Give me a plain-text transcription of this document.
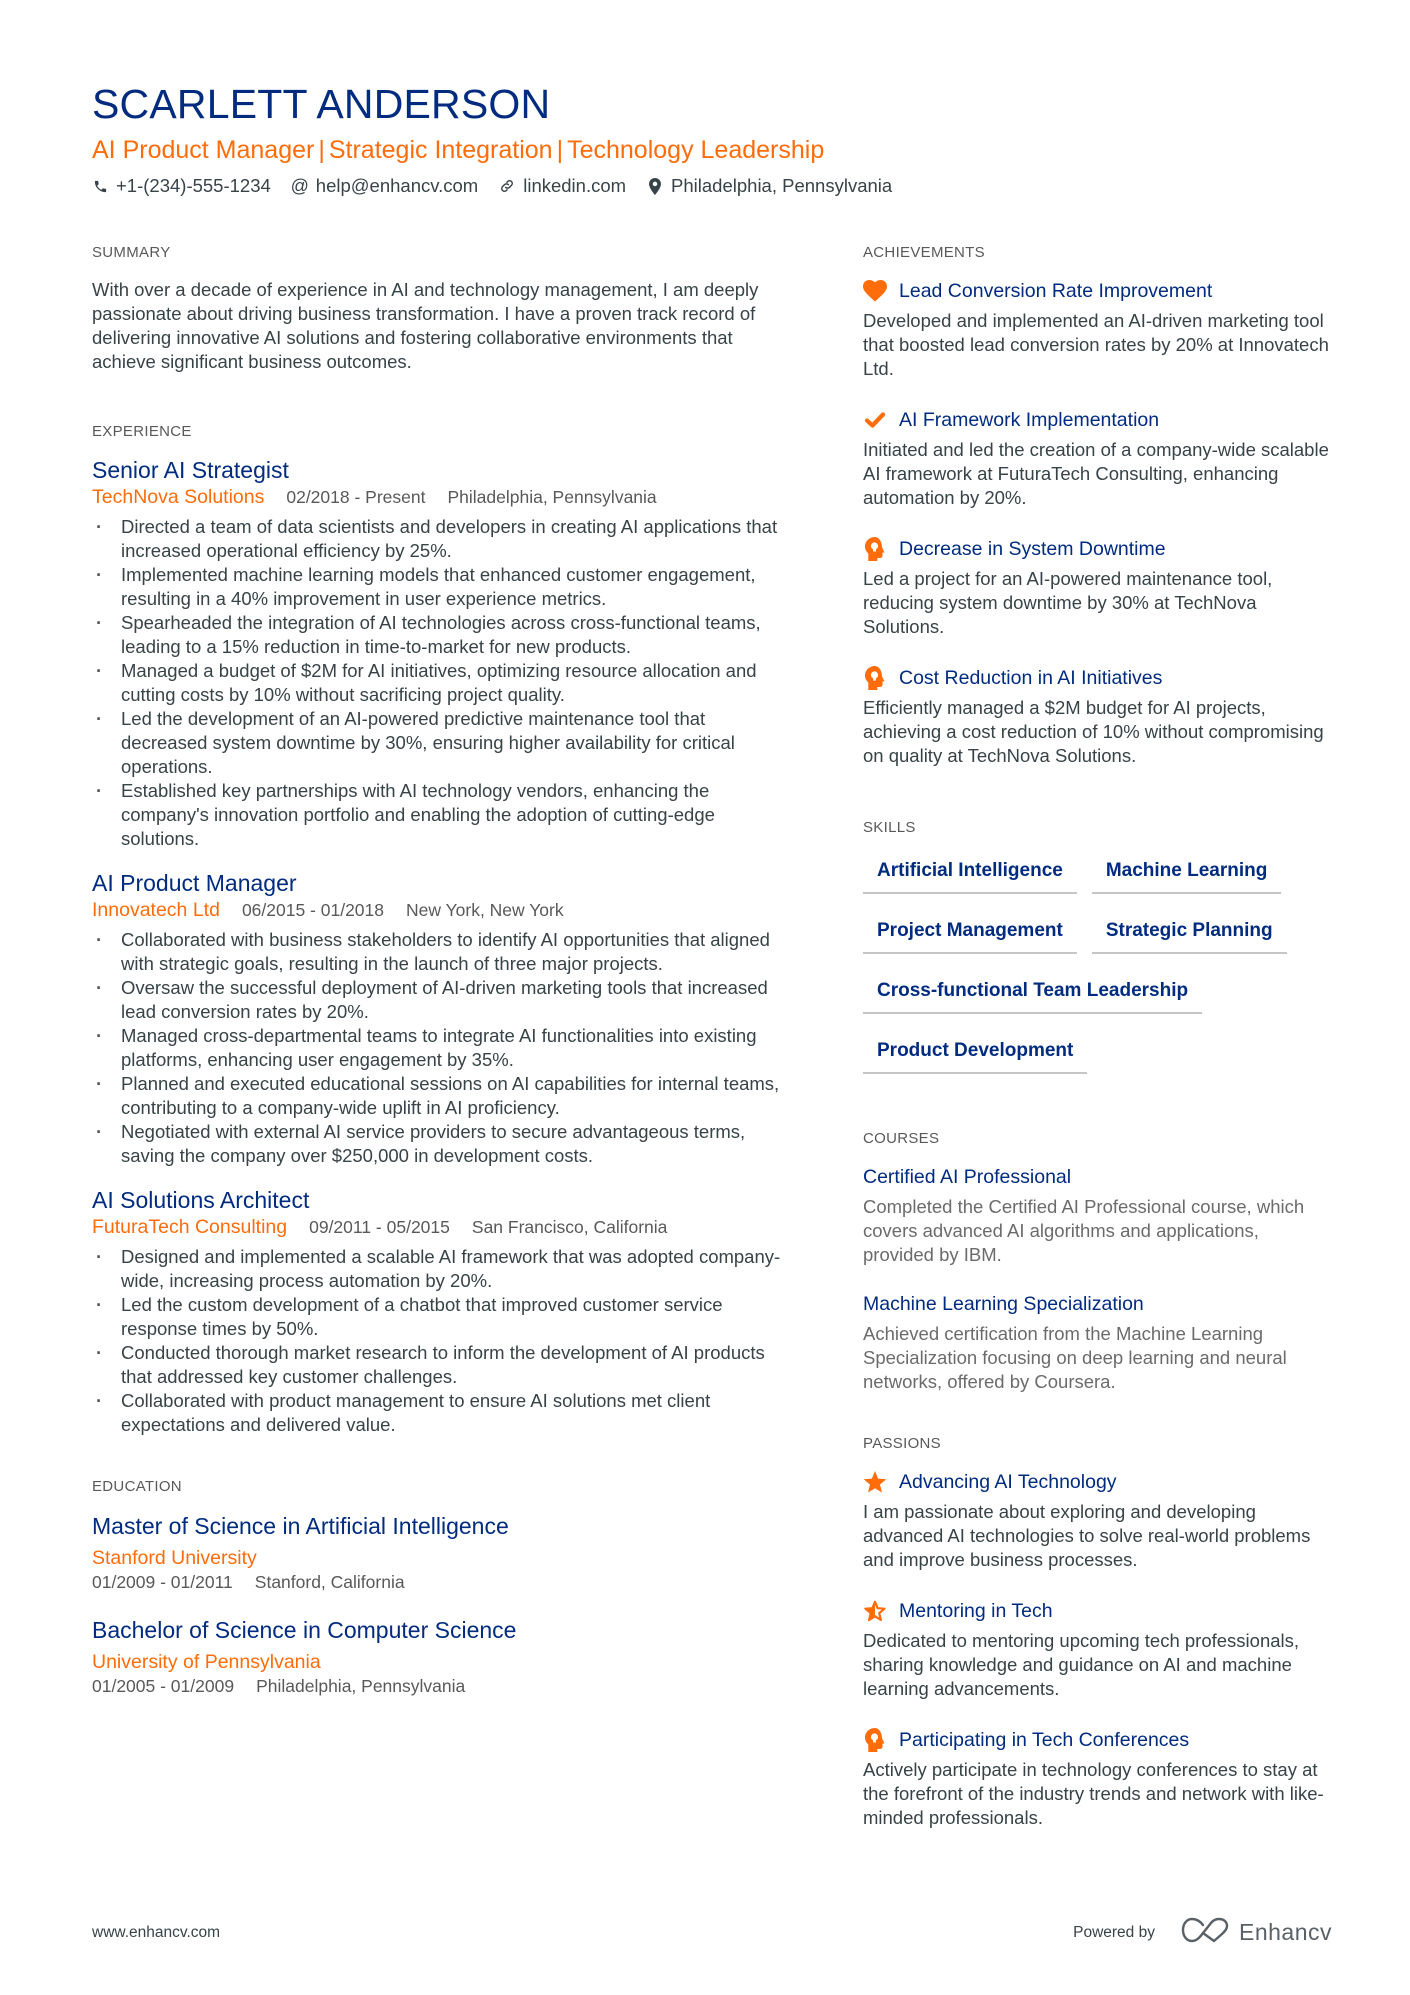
SCARLETT ANDERSON
AI Product Manager | Strategic Integration | Technology Leadership
+1-(234)-555-1234 @ help@enhancv.com linkedin.com Philadelphia, Pennsylvania
SUMMARY
With over a decade of experience in AI and technology management, I am deeply passionate about driving business transformation. I have a proven track record of delivering innovative AI solutions and fostering collaborative environments that achieve significant business outcomes.
EXPERIENCE
Senior AI Strategist
TechNova Solutions 02/2018 - Present Philadelphia, Pennsylvania
· Directed a team of data scientists and developers in creating AI applications that increased operational efficiency by 25%.
· Implemented machine learning models that enhanced customer engagement, resulting in a 40% improvement in user experience metrics.
· Spearheaded the integration of AI technologies across cross-functional teams, leading to a 15% reduction in time-to-market for new products.
· Managed a budget of $2M for AI initiatives, optimizing resource allocation and cutting costs by 10% without sacrificing project quality.
· Led the development of an AI-powered predictive maintenance tool that decreased system downtime by 30%, ensuring higher availability for critical operations.
· Established key partnerships with AI technology vendors, enhancing the company's innovation portfolio and enabling the adoption of cutting-edge solutions.
AI Product Manager
Innovatech Ltd 06/2015 - 01/2018 New York, New York
· Collaborated with business stakeholders to identify AI opportunities that aligned with strategic goals, resulting in the launch of three major projects.
· Oversaw the successful deployment of AI-driven marketing tools that increased lead conversion rates by 20%.
· Managed cross-departmental teams to integrate AI functionalities into existing platforms, enhancing user engagement by 35%.
· Planned and executed educational sessions on AI capabilities for internal teams, contributing to a company-wide uplift in AI proficiency.
· Negotiated with external AI service providers to secure advantageous terms, saving the company over $250,000 in development costs.
AI Solutions Architect
FuturaTech Consulting 09/2011 - 05/2015 San Francisco, California
· Designed and implemented a scalable AI framework that was adopted company-wide, increasing process automation by 20%.
· Led the custom development of a chatbot that improved customer service response times by 50%.
· Conducted thorough market research to inform the development of AI products that addressed key customer challenges.
· Collaborated with product management to ensure AI solutions met client expectations and delivered value.
EDUCATION
Master of Science in Artificial Intelligence
Stanford University
01/2009 - 01/2011 Stanford, California
Bachelor of Science in Computer Science
University of Pennsylvania
01/2005 - 01/2009 Philadelphia, Pennsylvania
ACHIEVEMENTS
Lead Conversion Rate Improvement
Developed and implemented an AI-driven marketing tool that boosted lead conversion rates by 20% at Innovatech Ltd.
AI Framework Implementation
Initiated and led the creation of a company-wide scalable AI framework at FuturaTech Consulting, enhancing automation by 20%.
Decrease in System Downtime
Led a project for an AI-powered maintenance tool, reducing system downtime by 30% at TechNova Solutions.
Cost Reduction in AI Initiatives
Efficiently managed a $2M budget for AI projects, achieving a cost reduction of 10% without compromising on quality at TechNova Solutions.
SKILLS
Artificial Intelligence	Machine Learning
Project Management	Strategic Planning
Cross-functional Team Leadership
Product Development
COURSES
Certified AI Professional
Completed the Certified AI Professional course, which covers advanced AI algorithms and applications, provided by IBM.
Machine Learning Specialization
Achieved certification from the Machine Learning Specialization focusing on deep learning and neural networks, offered by Coursera.
PASSIONS
Advancing AI Technology
I am passionate about exploring and developing advanced AI technologies to solve real-world problems and improve business processes.
Mentoring in Tech
Dedicated to mentoring upcoming tech professionals, sharing knowledge and guidance on AI and machine learning advancements.
Participating in Tech Conferences
Actively participate in technology conferences to stay at the forefront of the industry trends and network with like-minded professionals.
www.enhancv.com	Powered by	Enhancv
